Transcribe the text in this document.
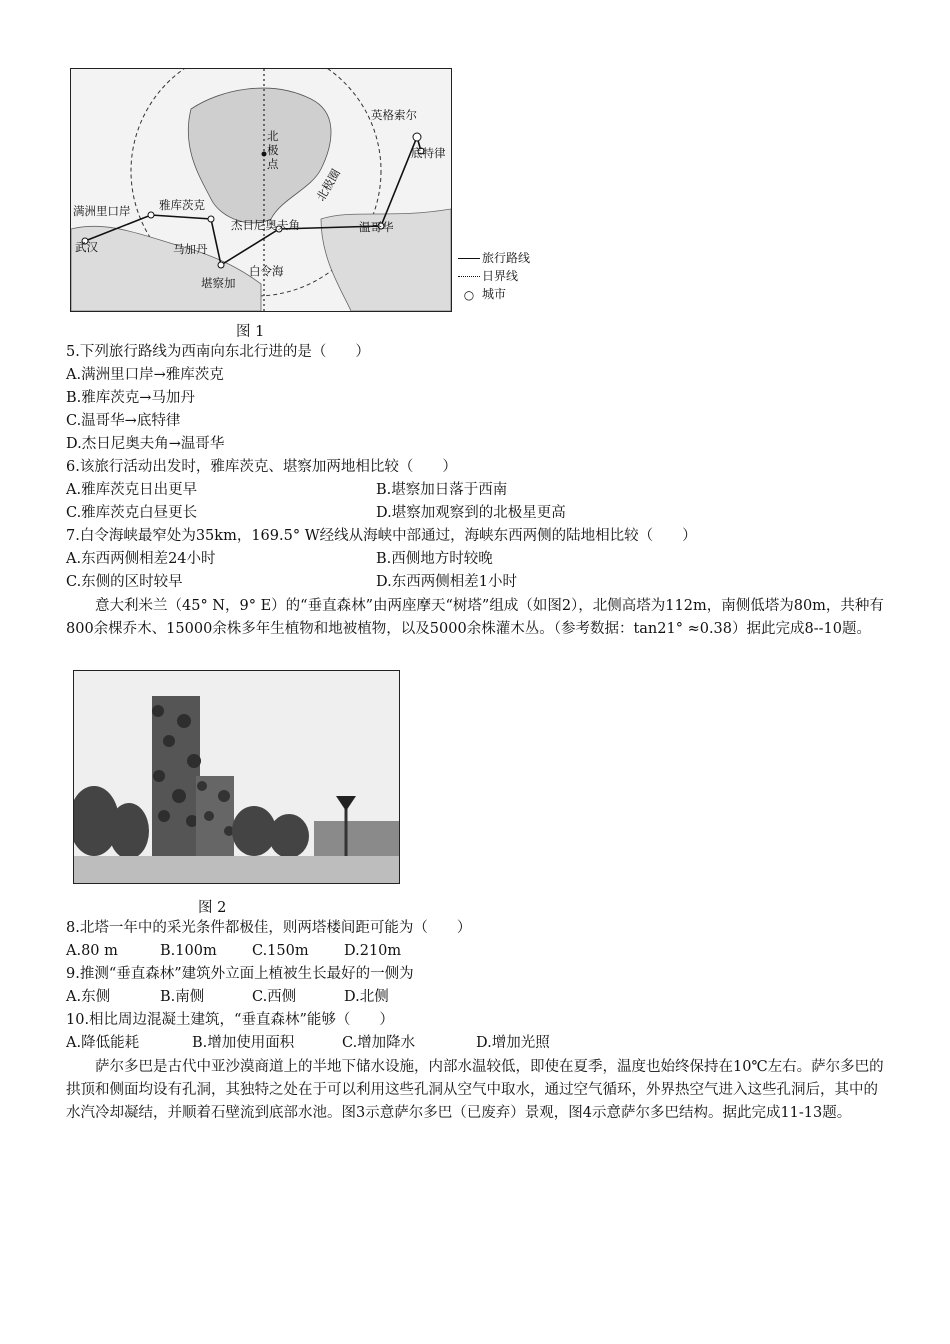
北
极
点
英格索尔
底特律
满洲里口岸 雅库茨克
杰日尼奥夫角
北极圈
温哥华
武汉	马加丹
白令海
堪察加
旅行路线
日界线
○ 城市
图 1
5.下列旅行路线为西南向东北行进的是（　　）
A.满洲里口岸→雅库茨克
B.雅库茨克→马加丹
C.温哥华→底特律
D.杰日尼奥夫角→温哥华
6.该旅行活动出发时，雅库茨克、堪察加两地相比较（　　）
A.雅库茨克日出更早	B.堪察加日落于西南
C.雅库茨克白昼更长	D.堪察加观察到的北极星更高
7.白令海峡最窄处为35km，169.5° W经线从海峡中部通过，海峡东西两侧的陆地相比较（　　）
A.东西两侧相差24小时	B.西侧地方时较晚
C.东侧的区时较早	D.东西两侧相差1小时
意大利米兰（45° N，9° E）的“垂直森林”由两座摩天“树塔”组成（如图2），北侧高塔为112m，南侧低塔为80m，共种有800余棵乔木、15000余株多年生植物和地被植物，以及5000余株灌木丛。（参考数据：tan21° ≈0.38）据此完成8--10题。
图 2
8.北塔一年中的采光条件都极佳，则两塔楼间距可能为（　　）
A.80 m	B.100m C.150m D.210m
9.推测“垂直森林”建筑外立面上植被生长最好的一侧为
A.东侧	B.南侧	C.西侧	D.北侧
10.相比周边混凝土建筑，“垂直森林”能够（　　）
A.降低能耗	B.增加使用面积	C.增加降水	D.增加光照
萨尔多巴是古代中亚沙漠商道上的半地下储水设施，内部水温较低，即使在夏季，温度也始终保持在10℃左右。萨尔多巴的拱顶和侧面均设有孔洞，其独特之处在于可以利用这些孔洞从空气中取水，通过空气循环，外界热空气进入这些孔洞后，其中的水汽冷却凝结，并顺着石壁流到底部水池。图3示意萨尔多巴（已废弃）景观，图4示意萨尔多巴结构。据此完成11-13题。
